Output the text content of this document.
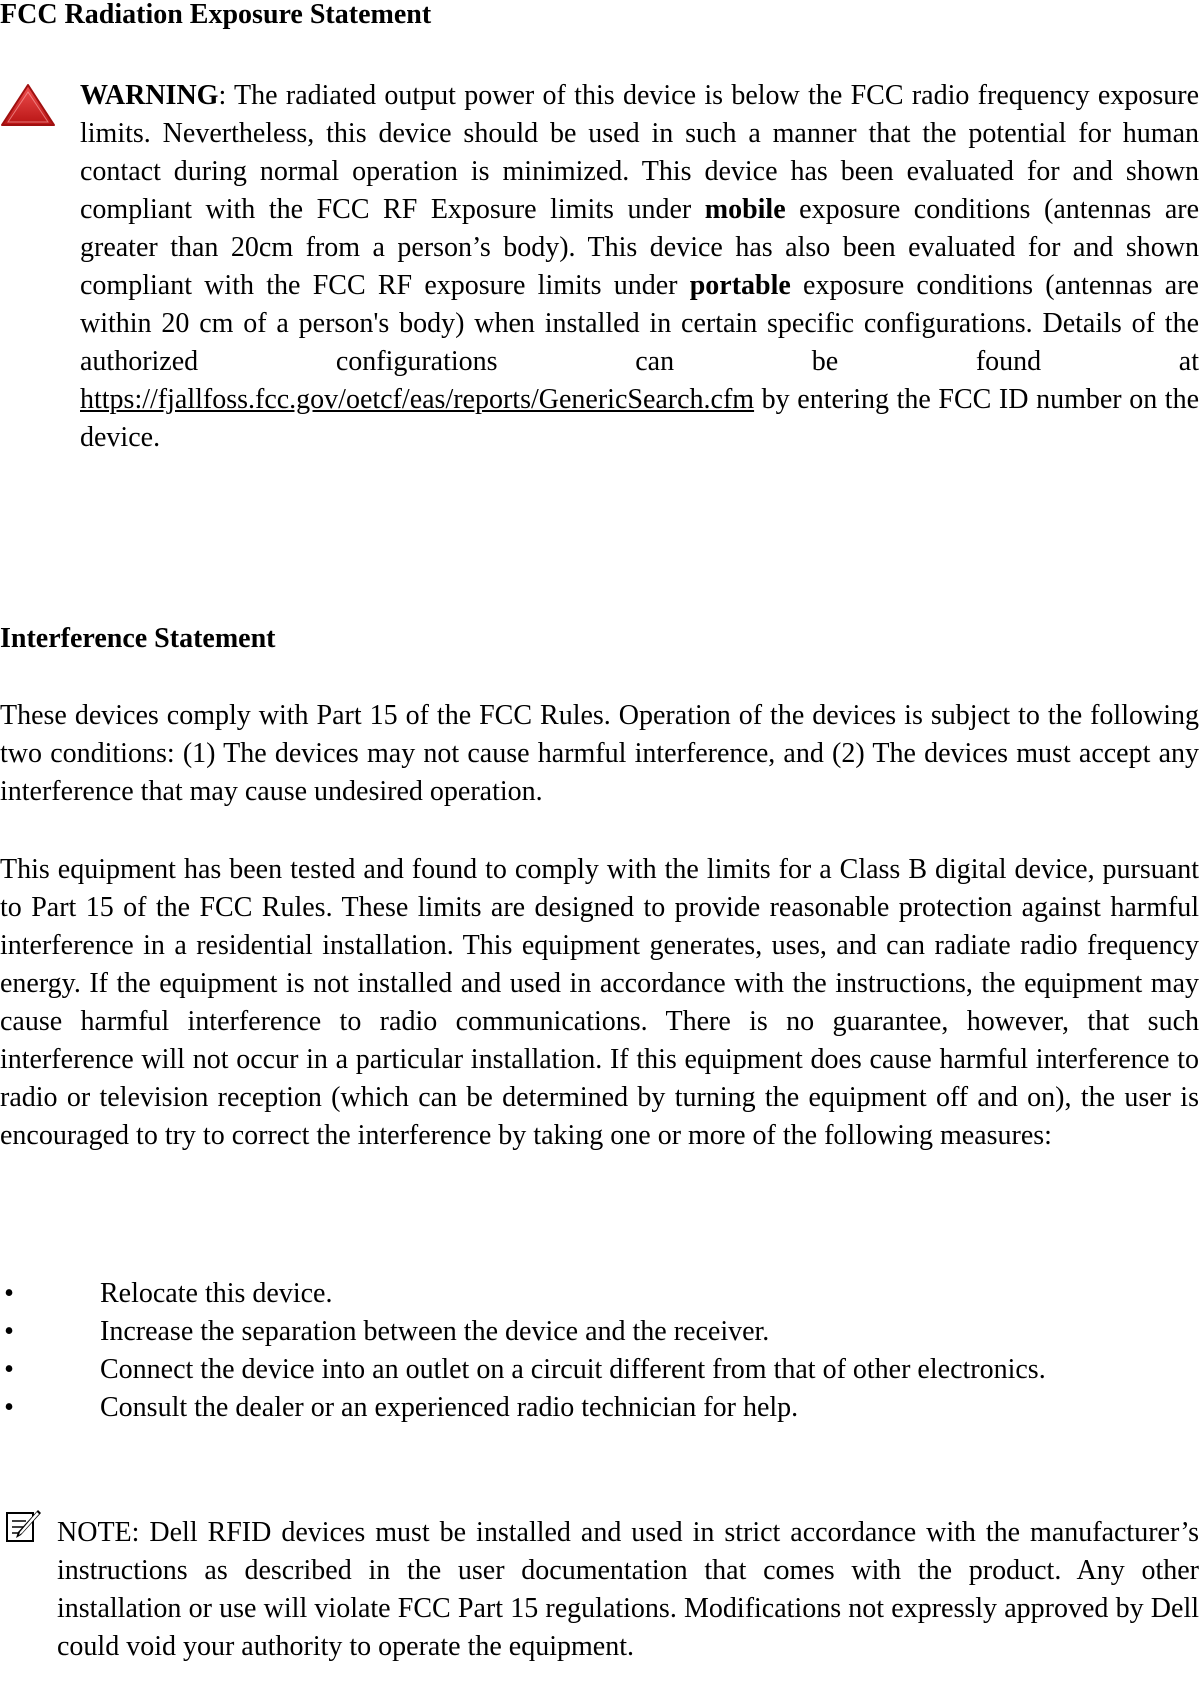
FCC Radiation Exposure Statement

WARNING: The radiated output power of this device is below the FCC radio frequency exposure limits. Nevertheless, this device should be used in such a manner that the potential for human contact during normal operation is minimized. This device has been evaluated for and shown compliant with the FCC RF Exposure limits under mobile exposure conditions (antennas are greater than 20cm from a person’s body). This device has also been evaluated for and shown compliant with the FCC RF exposure limits under portable exposure conditions (antennas are within 20 cm of a person's body) when installed in certain specific configurations. Details of the authorized configurations can be found at https://fjallfoss.fcc.gov/oetcf/eas/reports/GenericSearch.cfm by entering the FCC ID number on the device.

Interference Statement

These devices comply with Part 15 of the FCC Rules. Operation of the devices is subject to the following two conditions: (1) The devices may not cause harmful interference, and (2) The devices must accept any interference that may cause undesired operation.

This equipment has been tested and found to comply with the limits for a Class B digital device, pursuant to Part 15 of the FCC Rules. These limits are designed to provide reasonable protection against harmful interference in a residential installation. This equipment generates, uses, and can radiate radio frequency energy. If the equipment is not installed and used in accordance with the instructions, the equipment may cause harmful interference to radio communications. There is no guarantee, however, that such interference will not occur in a particular installation. If this equipment does cause harmful interference to radio or television reception (which can be determined by turning the equipment off and on), the user is encouraged to try to correct the interference by taking one or more of the following measures:

•	Relocate this device.
•	Increase the separation between the device and the receiver.
•	Connect the device into an outlet on a circuit different from that of other electronics.
•	Consult the dealer or an experienced radio technician for help.

NOTE: Dell RFID devices must be installed and used in strict accordance with the manufacturer’s instructions as described in the user documentation that comes with the product. Any other installation or use will violate FCC Part 15 regulations. Modifications not expressly approved by Dell could void your authority to operate the equipment.
